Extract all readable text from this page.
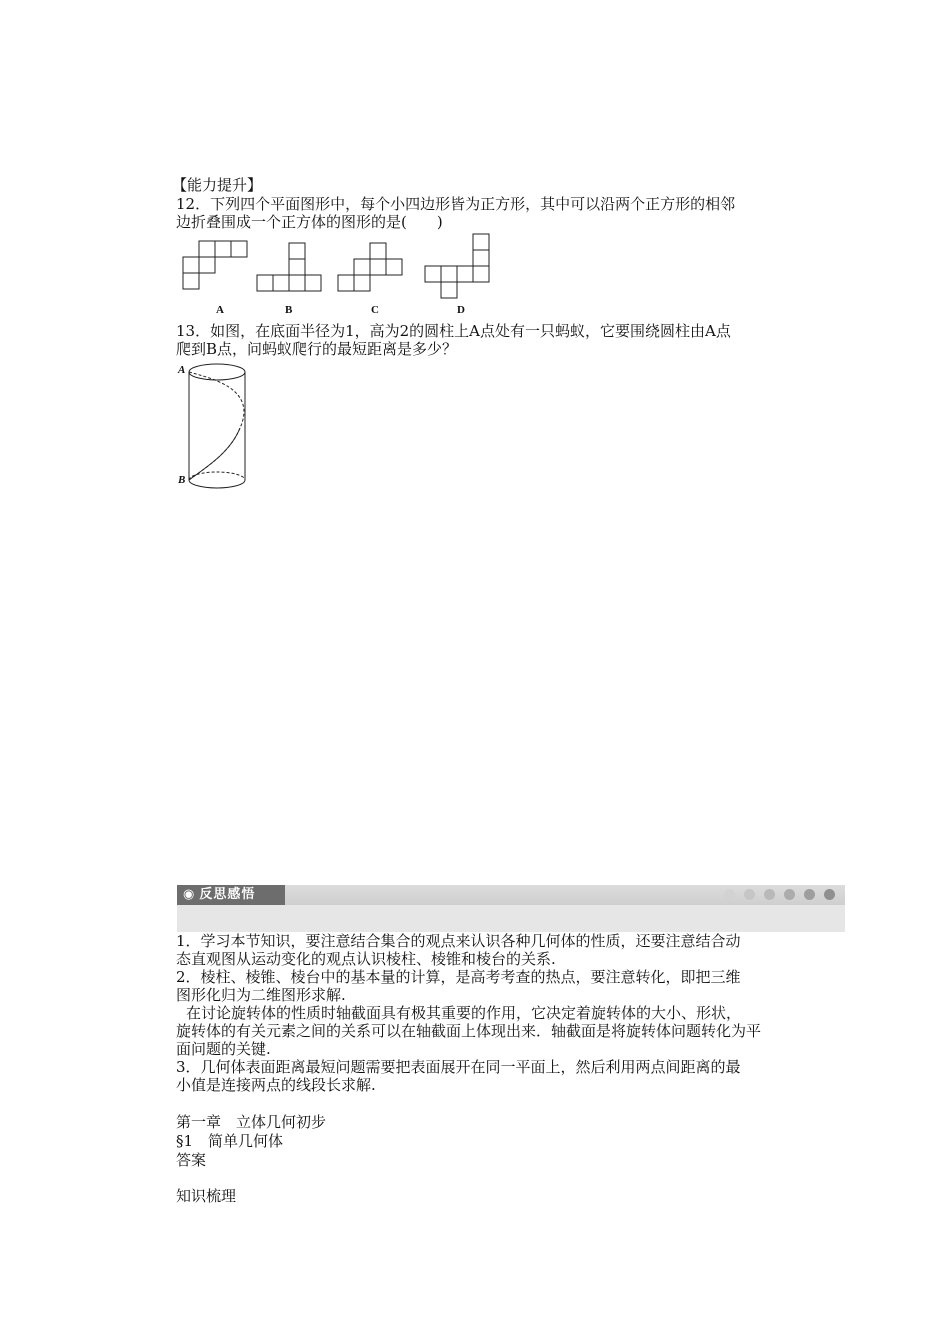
【能力提升】
12．下列四个平面图形中，每个小四边形皆为正方形，其中可以沿两个正方形的相邻
边折叠围成一个正方体的图形的是(　　)
A	B	C	D
13．如图，在底面半径为1，高为2的圆柱上A点处有一只蚂蚁，它要围绕圆柱由A点
爬到B点，问蚂蚁爬行的最短距离是多少？
A
B
◉ 反思感悟
1．学习本节知识，要注意结合集合的观点来认识各种几何体的性质，还要注意结合动
态直观图从运动变化的观点认识棱柱、棱锥和棱台的关系.
2．棱柱、棱锥、棱台中的基本量的计算，是高考考查的热点，要注意转化，即把三维
图形化归为二维图形求解.
在讨论旋转体的性质时轴截面具有极其重要的作用，它决定着旋转体的大小、形状，
旋转体的有关元素之间的关系可以在轴截面上体现出来．轴截面是将旋转体问题转化为平
面问题的关键.
3．几何体表面距离最短问题需要把表面展开在同一平面上，然后利用两点间距离的最
小值是连接两点的线段长求解.
第一章　立体几何初步
§1　简单几何体
答案
知识梳理
